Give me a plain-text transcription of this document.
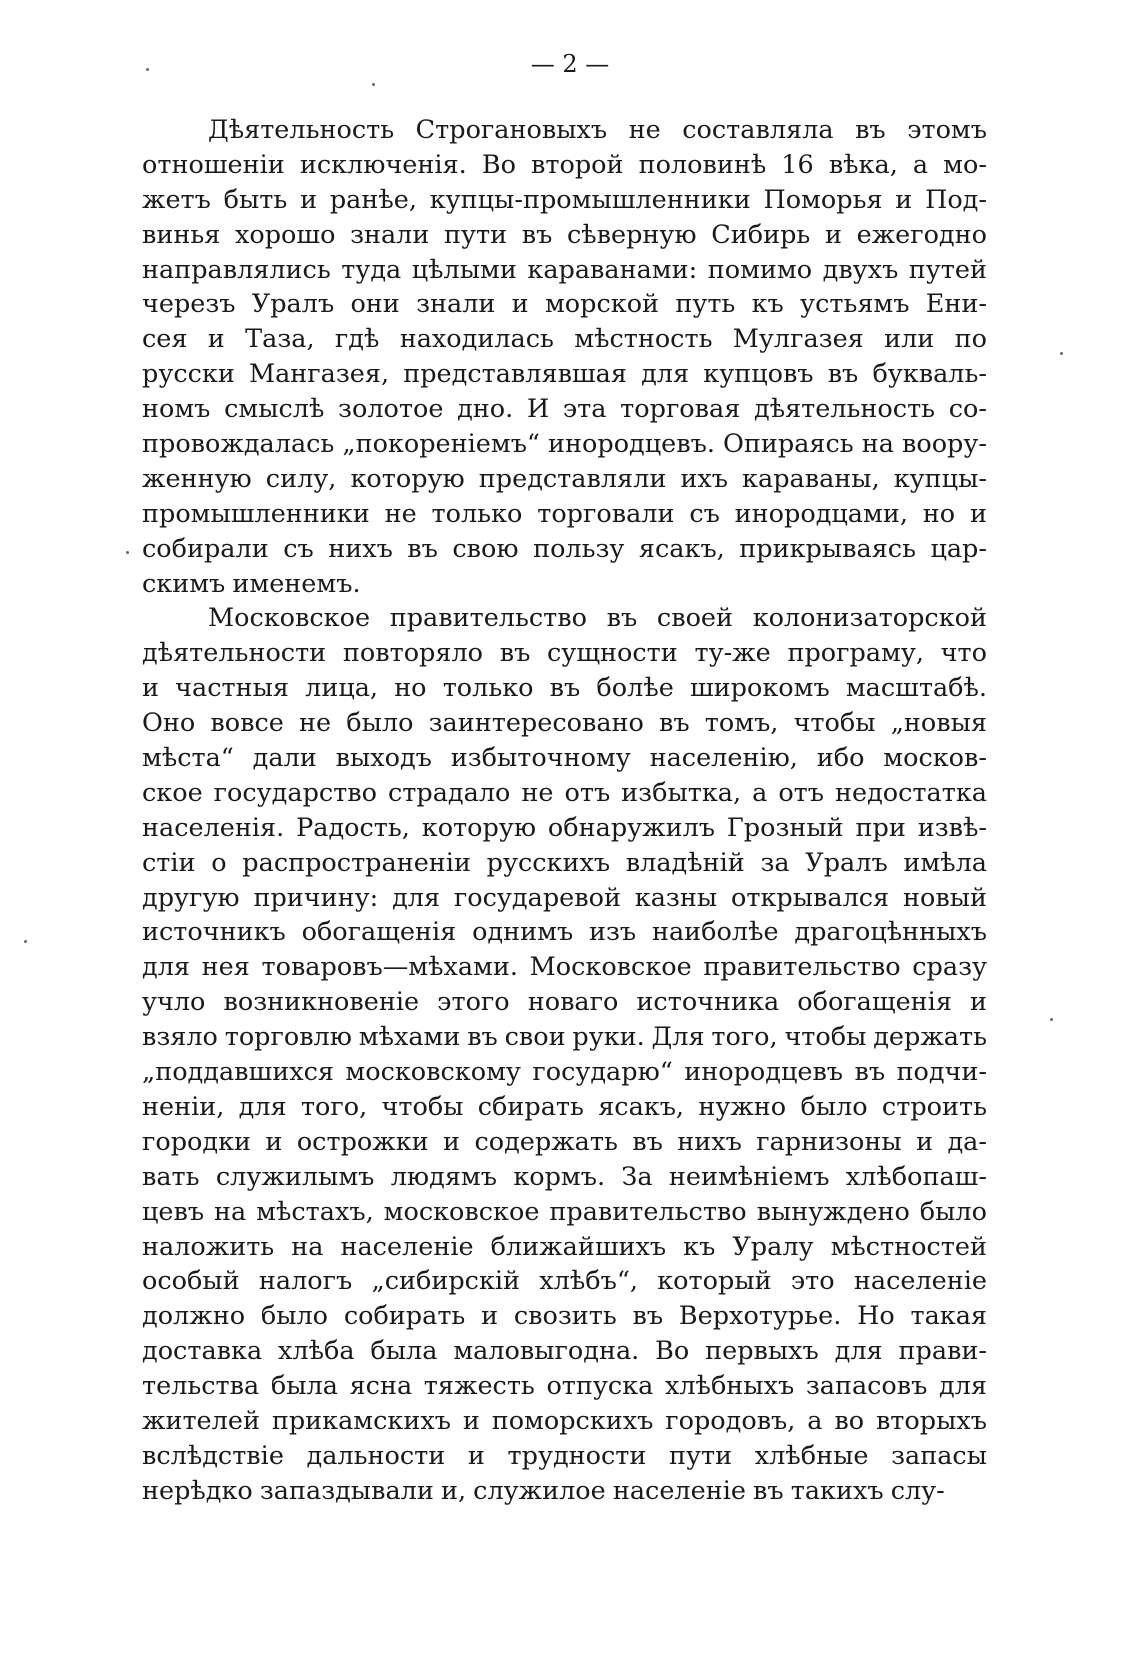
— 2 —
Дѣятельность Строгановыхъ не составляла въ этомъ
отношенiи исключенiя. Во второй половинѣ 16 вѣка, а мо-
жетъ быть и ранѣе, купцы-промышленники Поморья и Под-
винья хорошо знали пути въ сѣверную Сибирь и ежегодно
направлялись туда цѣлыми караванами: помимо двухъ путей
черезъ Уралъ они знали и морской путь къ устьямъ Ени-
сея и Таза, гдѣ находилась мѣстность Мулгазея или по
русски Мангазея, представлявшая для купцовъ въ букваль-
номъ смыслѣ золотое дно. И эта торговая дѣятельность со-
провождалась „покоренiемъ“ инородцевъ. Опираясь на воору-
женную силу, которую представляли ихъ караваны, купцы-
промышленники не только торговали съ инородцами, но и
собирали съ нихъ въ свою пользу ясакъ, прикрываясь цар-
скимъ именемъ.
Московское правительство въ своей колонизаторской
дѣятельности повторяло въ сущности ту-же програму, что
и частныя лица, но только въ болѣе широкомъ масштабѣ.
Оно вовсе не было заинтересовано въ томъ, чтобы „новыя
мѣста“ дали выходъ избыточному населенiю, ибо москов-
ское государство страдало не отъ избытка, а отъ недостатка
населенiя. Радость, которую обнаружилъ Грозный при извѣ-
стiи о распространенiи русскихъ владѣнiй за Уралъ имѣла
другую причину: для государевой казны открывался новый
источникъ обогащенiя однимъ изъ наиболѣе драгоцѣнныхъ
для нея товаровъ—мѣхами. Московское правительство сразу
учло возникновенiе этого новаго источника обогащенiя и
взяло торговлю мѣхами въ свои руки. Для того, чтобы держать
„поддавшихся московскому государю“ инородцевъ въ подчи-
ненiи, для того, чтобы сбирать ясакъ, нужно было строить
городки и острожки и содержать въ нихъ гарнизоны и да-
вать служилымъ людямъ кормъ. За неимѣнiемъ хлѣбопаш-
цевъ на мѣстахъ, московское правительство вынуждено было
наложить на населенiе ближайшихъ къ Уралу мѣстностей
особый налогъ „сибирскiй хлѣбъ“, который это населенiе
должно было собирать и свозить въ Верхотурье. Но такая
доставка хлѣба была маловыгодна. Во первыхъ для прави-
тельства была ясна тяжесть отпуска хлѣбныхъ запасовъ для
жителей прикамскихъ и поморскихъ городовъ, а во вторыхъ
вслѣдствiе дальности и трудности пути хлѣбные запасы
нерѣдко запаздывали и, служилое населенiе въ такихъ слу-
